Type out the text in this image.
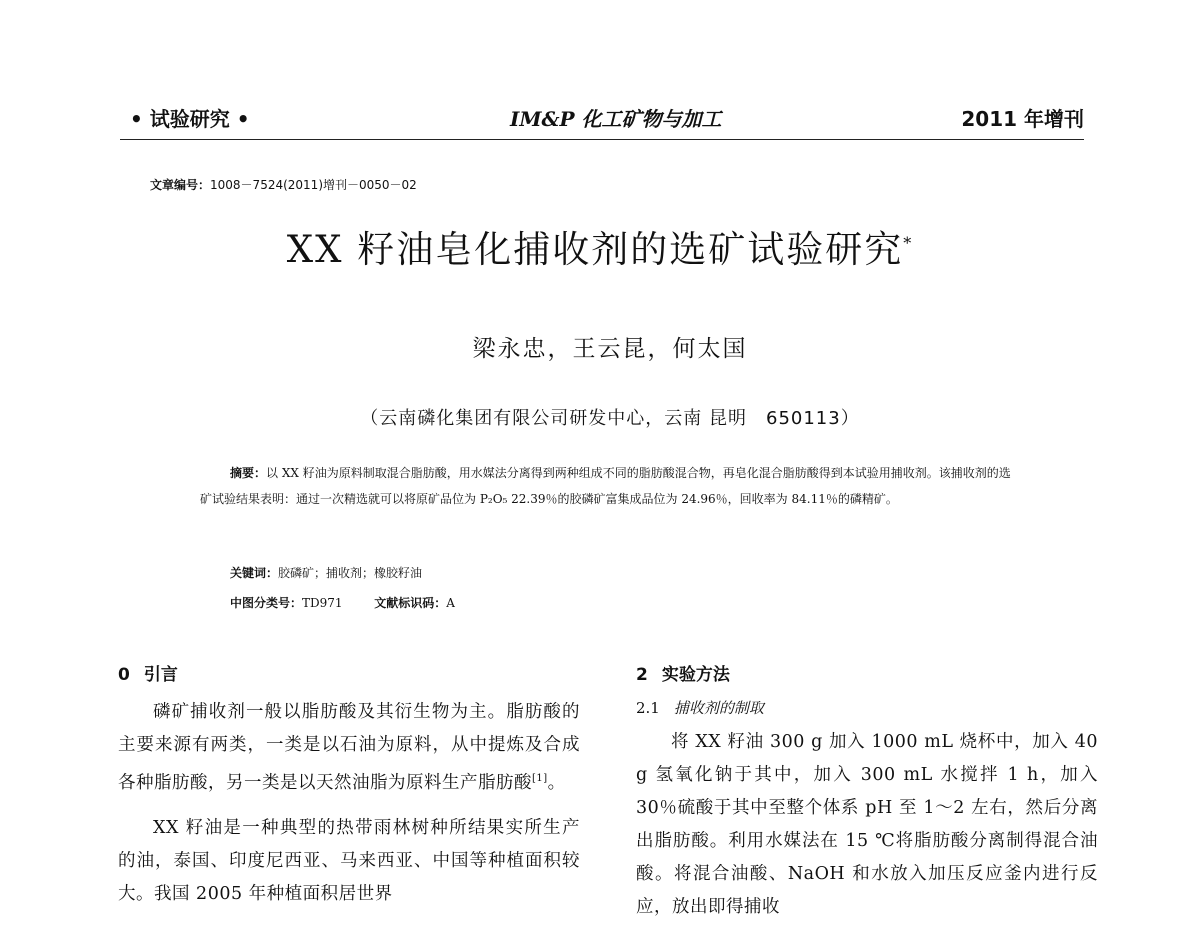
• 试验研究 •	IM&P 化工矿物与加工	2011 年增刊
文章编号：1008－7524(2011)增刊－0050－02
XX 籽油皂化捕收剂的选矿试验研究*
梁永忠，王云昆，何太国
（云南磷化集团有限公司研发中心，云南 昆明　650113）

摘要：以 XX 籽油为原料制取混合脂肪酸，用水媒法分离得到两种组成不同的脂肪酸混合物，再皂化混合脂肪酸得到本试验用捕收剂。该捕收剂的选矿试验结果表明：通过一次精选就可以将原矿品位为 P₂O₅ 22.39％的胶磷矿富集成品位为 24.96％，回收率为 84.11％的磷精矿。

关键词：胶磷矿；捕收剂；橡胶籽油
中图分类号：TD971	文献标识码：A
0 引言

磷矿捕收剂一般以脂肪酸及其衍生物为主。脂肪酸的主要来源有两类，一类是以石油为原料，从中提炼及合成各种脂肪酸，另一类是以天然油脂为原料生产脂肪酸[1]。

XX 籽油是一种典型的热带雨林树种所结果实所生产的油，泰国、印度尼西亚、马来西亚、中国等种植面积较大。我国 2005 年种植面积居世界

2 实验方法
2.1 捕收剂的制取

将 XX 籽油 300 g 加入 1000 mL 烧杯中，加入 40 g 氢氧化钠于其中，加入 300 mL 水搅拌 1 h，加入 30％硫酸于其中至整个体系 pH 至 1～2 左右，然后分离出脂肪酸。利用水媒法在 15 ℃将脂肪酸分离制得混合油酸。将混合油酸、NaOH 和水放入加压反应釜内进行反应，放出即得捕收
